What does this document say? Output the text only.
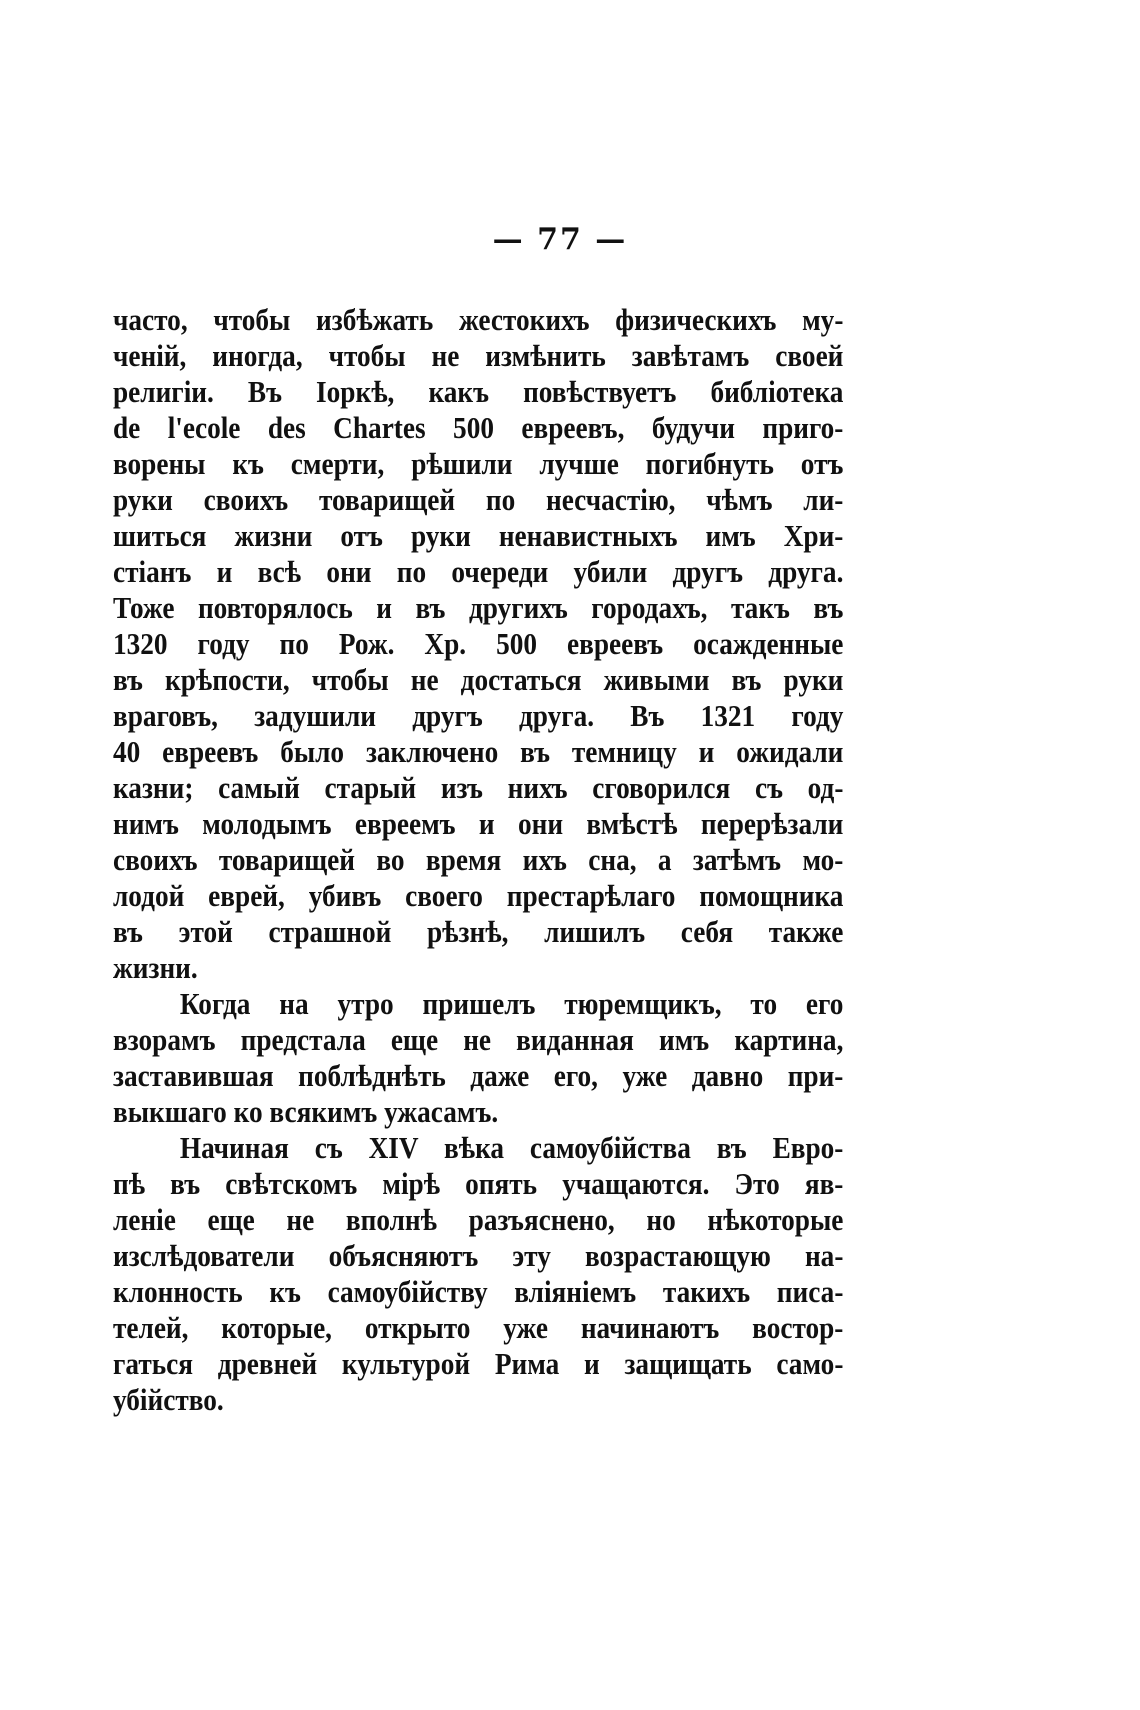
— 77 —

часто, чтобы избѣжать жестокихъ физическихъ му-

ченій, иногда, чтобы не измѣнить завѣтамъ своей

религіи. Въ Іоркѣ, какъ повѣствуетъ библіотека

de l'ecole des Chartes 500 евреевъ, будучи приго-

ворены къ смерти, рѣшили лучше погибнуть отъ

руки своихъ товарищей по несчастію, чѣмъ ли-

шиться жизни отъ руки ненавистныхъ имъ Хри-

стіанъ и всѣ они по очереди убили другъ друга.

Тоже повторялось и въ другихъ городахъ, такъ въ

1320 году по Рож. Хр. 500 евреевъ осажденные

въ крѣпости, чтобы не достаться живыми въ руки

враговъ, задушили другъ друга. Въ 1321 году

40 евреевъ было заключено въ темницу и ожидали

казни; самый старый изъ нихъ сговорился съ од-

нимъ молодымъ евреемъ и они вмѣстѣ перерѣзали

своихъ товарищей во время ихъ сна, а затѣмъ мо-

лодой еврей, убивъ своего престарѣлаго помощника

въ этой страшной рѣзнѣ, лишилъ себя также

жизни.

Когда на утро пришелъ тюремщикъ, то его

взорамъ предстала еще не виданная имъ картина,

заставившая поблѣднѣть даже его, уже давно при-

выкшаго ко всякимъ ужасамъ.

Начиная съ XIV вѣка самоубійства въ Евро-

пѣ въ свѣтскомъ мірѣ опять учащаются. Это яв-

леніе еще не вполнѣ разъяснено, но нѣкоторые

изслѣдователи объясняютъ эту возрастающую на-

клонность къ самоубійству вліяніемъ такихъ писа-

телей, которые, открыто уже начинаютъ востор-

гаться древней культурой Рима и защищать само-

убійство.
